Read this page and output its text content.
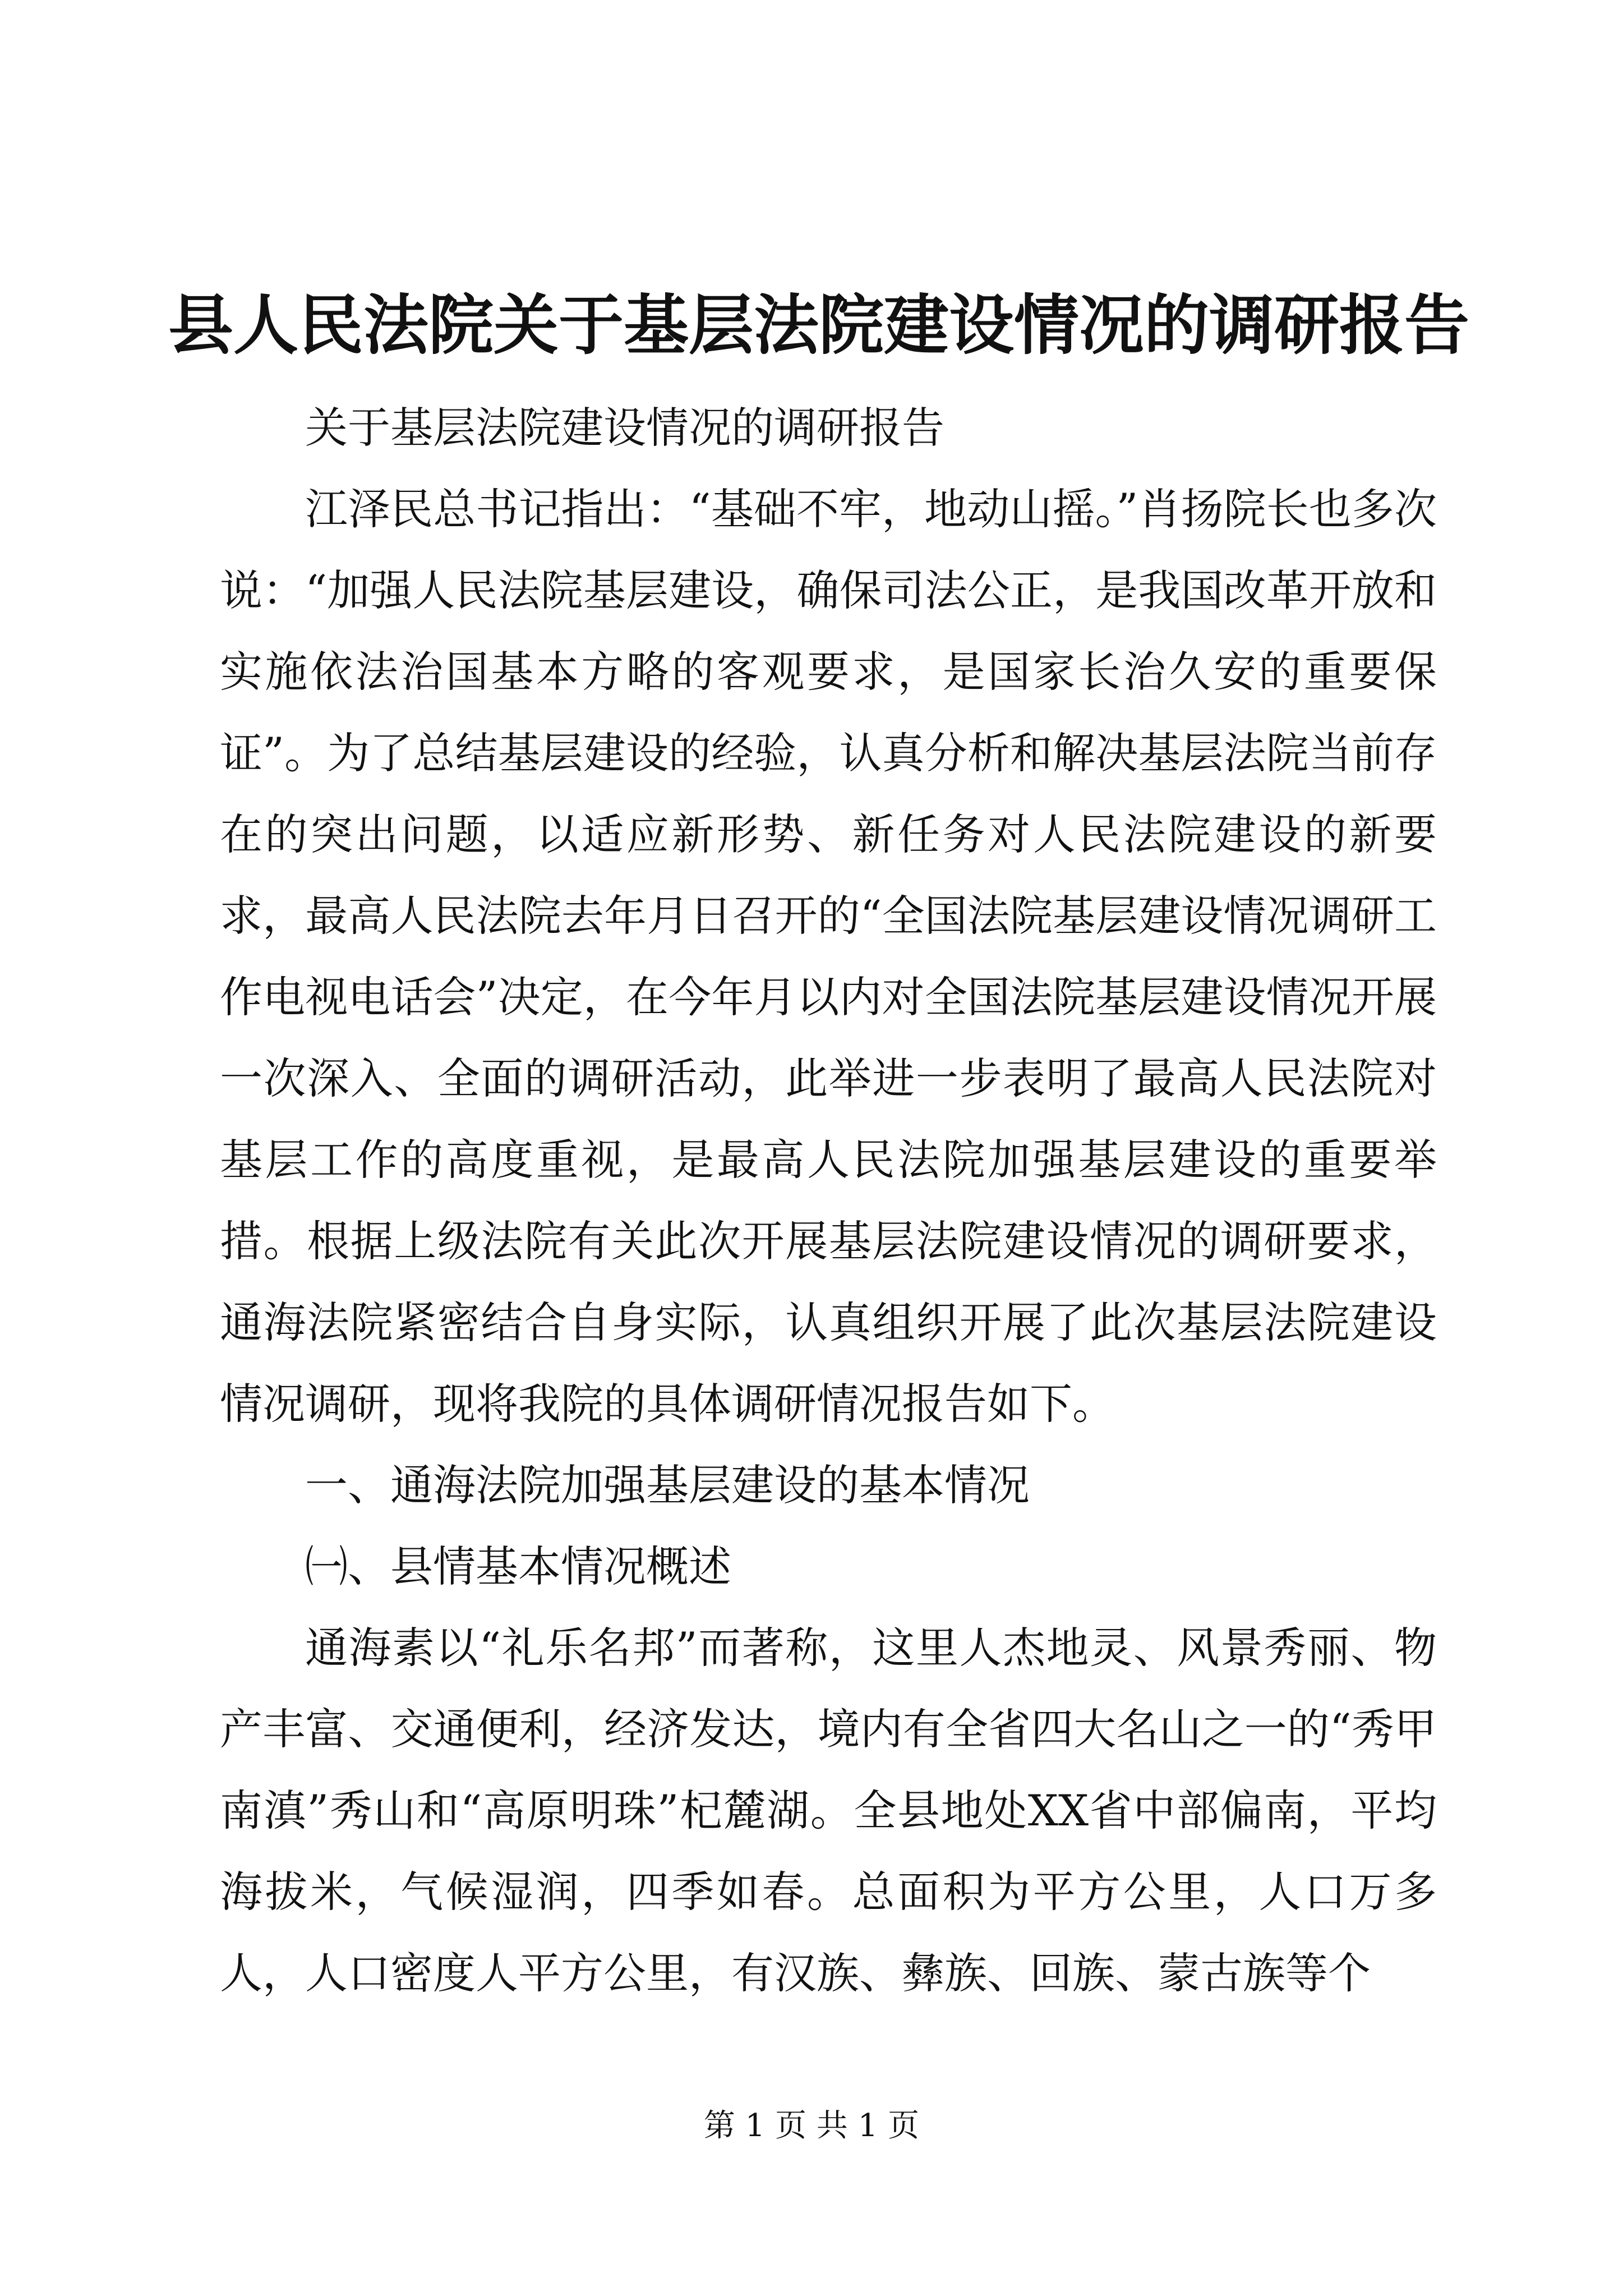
县人民法院关于基层法院建设情况的调研报告

关于基层法院建设情况的调研报告

江泽民总书记指出：“基础不牢，地动山摇。”肖扬院长也多次说：“加强人民法院基层建设，确保司法公正，是我国改革开放和实施依法治国基本方略的客观要求，是国家长治久安的重要保证”。为了总结基层建设的经验，认真分析和解决基层法院当前存在的突出问题，以适应新形势、新任务对人民法院建设的新要求，最高人民法院去年月日召开的“全国法院基层建设情况调研工作电视电话会”决定，在今年月以内对全国法院基层建设情况开展一次深入、全面的调研活动，此举进一步表明了最高人民法院对基层工作的高度重视，是最高人民法院加强基层建设的重要举措。根据上级法院有关此次开展基层法院建设情况的调研要求，通海法院紧密结合自身实际，认真组织开展了此次基层法院建设情况调研，现将我院的具体调研情况报告如下。

一、通海法院加强基层建设的基本情况

㈠、县情基本情况概述

通海素以“礼乐名邦”而著称，这里人杰地灵、风景秀丽、物产丰富、交通便利，经济发达，境内有全省四大名山之一的“秀甲南滇”秀山和“高原明珠”杞麓湖。全县地处XX省中部偏南，平均海拔米，气候湿润，四季如春。总面积为平方公里，人口万多人，人口密度人平方公里，有汉族、彝族、回族、蒙古族等个

第 1 页 共 1 页
